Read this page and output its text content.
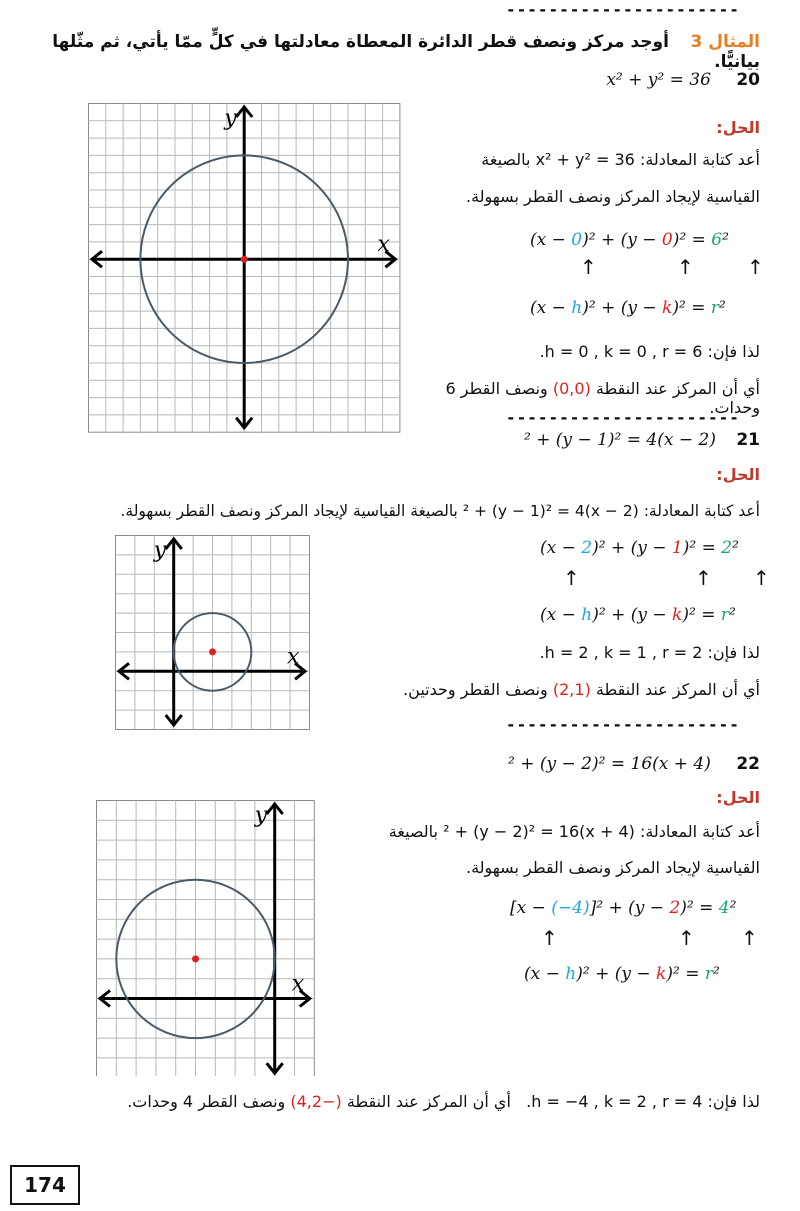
----------------------
المثال 3    أوجد مركز ونصف قطر الدائرة المعطاة معادلتها في كلٍّ ممّا يأتي، ثم مثّلها بيانيًّا.
20     x² + y² = 36
x
y	الحل:
أعد كتابة المعادلة: x² + y² = 36 بالصيغة
القياسية لإيجاد المركز ونصف القطر بسهولة.
(x − 0)² + (y − 0)² = 6²
↑	↑	↑
(x − h)² + (y − k)² = r²
لذا فإن: h = 0 , k = 0 , r = 6.
أي أن المركز عند النقطة (0,0) ونصف القطر 6 وحدات.
----------------------
21    (x − 2)² + (y − 1)² = 4
الحل:
أعد كتابة المعادلة: (x − 2)² + (y − 1)² = 4 بالصيغة القياسية لإيجاد المركز ونصف القطر بسهولة.
x
y	(x − 2)² + (y − 1)² = 2²
↑	↑ ↑
(x − h)² + (y − k)² = r²
لذا فإن: h = 2 , k = 1 , r = 2.
أي أن المركز عند النقطة (2,1) ونصف القطر وحدتين.
----------------------
22     (x + 4)² + (y − 2)² = 16
x
y
الحل:
أعد كتابة المعادلة: (x + 4)² + (y − 2)² = 16 بالصيغة
القياسية لإيجاد المركز ونصف القطر بسهولة.
[x − (−4)]² + (y − 2)² = 4²
↑	↑ ↑
(x − h)² + (y − k)² = r²
لذا فإن: h = −4 , k = 2 , r = 4.   أي أن المركز عند النقطة (−4,2) ونصف القطر 4 وحدات.
174
